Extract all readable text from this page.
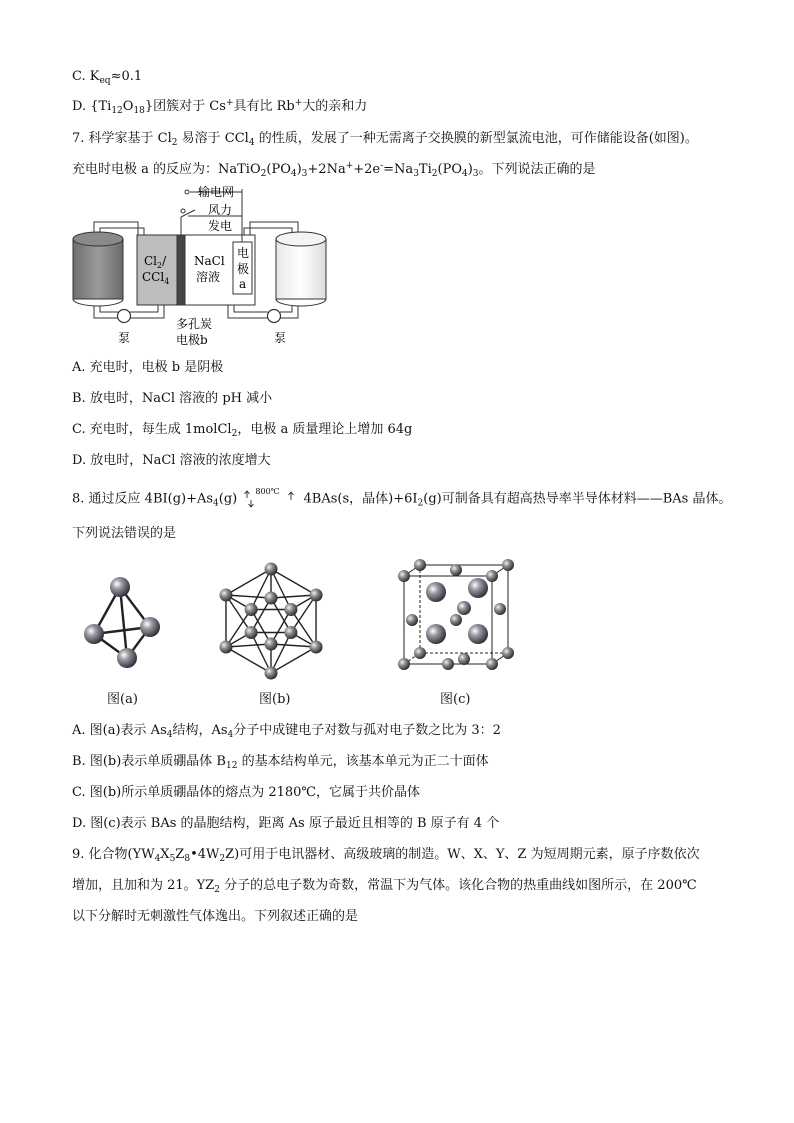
C. $K_{eq}\approx 0.1$
D. $\{Ti_{12}O_{18}\}$团簇对于 Cs+具有比 Rb+大的亲和力
7. 科学家基于 $Cl_2$ 易溶于 CCl$_4$ 的性质，发展了一种无需离子交换膜的新型氯流电池，可作储能设备(如图)。
充电时电极 a 的反应为：$NaTiO_2(PO_4)_3+2Na^++2e^-=Na_3Ti_2(PO_4)_3$。下列说法正确的是
输电网
风力
发电
$Cl_2/$
CCl$_4$
NaCl
溶液
电
极
a
多孔炭
电极b
泵	泵
A. 充电时，电极 b 是阴极
B. 放电时，NaCl 溶液的 pH 减小
C. 充电时，每生成 1molCl$_2$，电极 a 质量理论上增加 64g
D. 放电时，NaCl 溶液的浓度增大
8. 通过反应 $4BI(g)+As_4(g)$ 800℃ 4BAs(s，晶体)$+6I_2(g)$可制备具有超高热导率半导体材料——BAs 晶体。
下列说法错误的是
图(a)	图(b)	图(c)
A. 图(a)表示 $As_4$结构，$As_4$分子中成键电子对数与孤对电子数之比为 3：2
B. 图(b)表示单质硼晶体 $B_{12}$ 的基本结构单元，该基本单元为正二十面体
C. 图(b)所示单质硼晶体的熔点为 2180℃，它属于共价晶体
D. 图(c)表示 BAs 的晶胞结构，距离 As 原子最近且相等的 B 原子有 4 个
9. 化合物$(YW_4X_5Z_8•4W_2Z)$可用于电讯器材、高级玻璃的制造。W、X、Y、Z 为短周期元素，原子序数依次
增加，且加和为 21。$YZ_2$ 分子的总电子数为奇数，常温下为气体。该化合物的热重曲线如图所示，在 200℃
以下分解时无刺激性气体逸出。下列叙述正确的是
